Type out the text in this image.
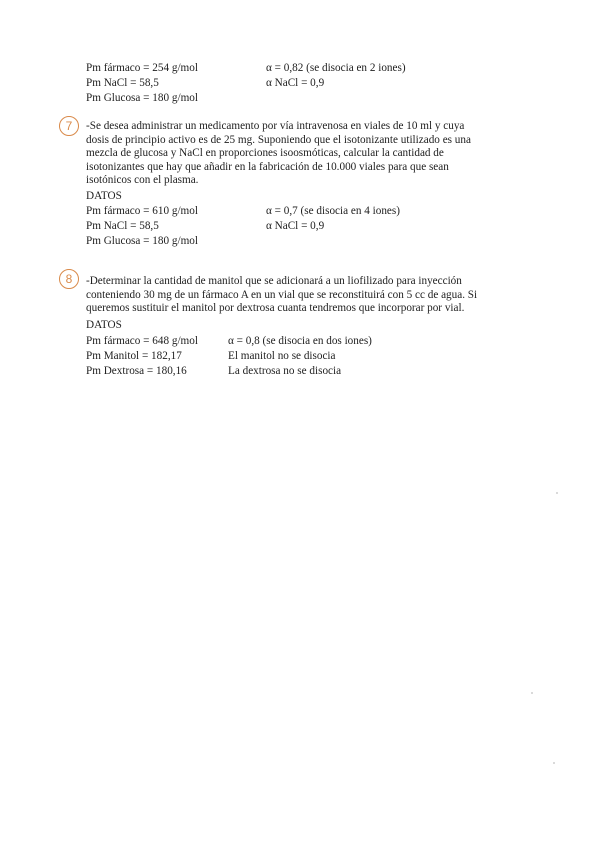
Pm fármaco = 254 g/mol
Pm NaCl = 58,5
Pm Glucosa = 180 g/mol
α = 0,82 (se disocia en 2 iones)
α NaCl = 0,9
7	-Se desea administrar un medicamento por vía intravenosa en viales de 10 ml y cuya
dosis de principio activo es de 25 mg. Suponiendo que el isotonizante utilizado es una
mezcla de glucosa y NaCl en proporciones isoosmóticas, calcular la cantidad de
isotonizantes que hay que añadir en la fabricación de 10.000 viales para que sean
isotónicos con el plasma.
DATOS
Pm fármaco = 610 g/mol
Pm NaCl = 58,5
Pm Glucosa = 180 g/mol
α = 0,7 (se disocia en 4 iones)
α NaCl = 0,9
8	-Determinar la cantidad de manitol que se adicionará a un liofilizado para inyección
conteniendo 30 mg de un fármaco A en un vial que se reconstituirá con 5 cc de agua. Si
queremos sustituir el manitol por dextrosa cuanta tendremos que incorporar por vial.
DATOS
Pm fármaco = 648 g/mol
Pm Manitol = 182,17
Pm Dextrosa = 180,16
α = 0,8 (se disocia en dos iones)
El manitol no se disocia
La dextrosa no se disocia
